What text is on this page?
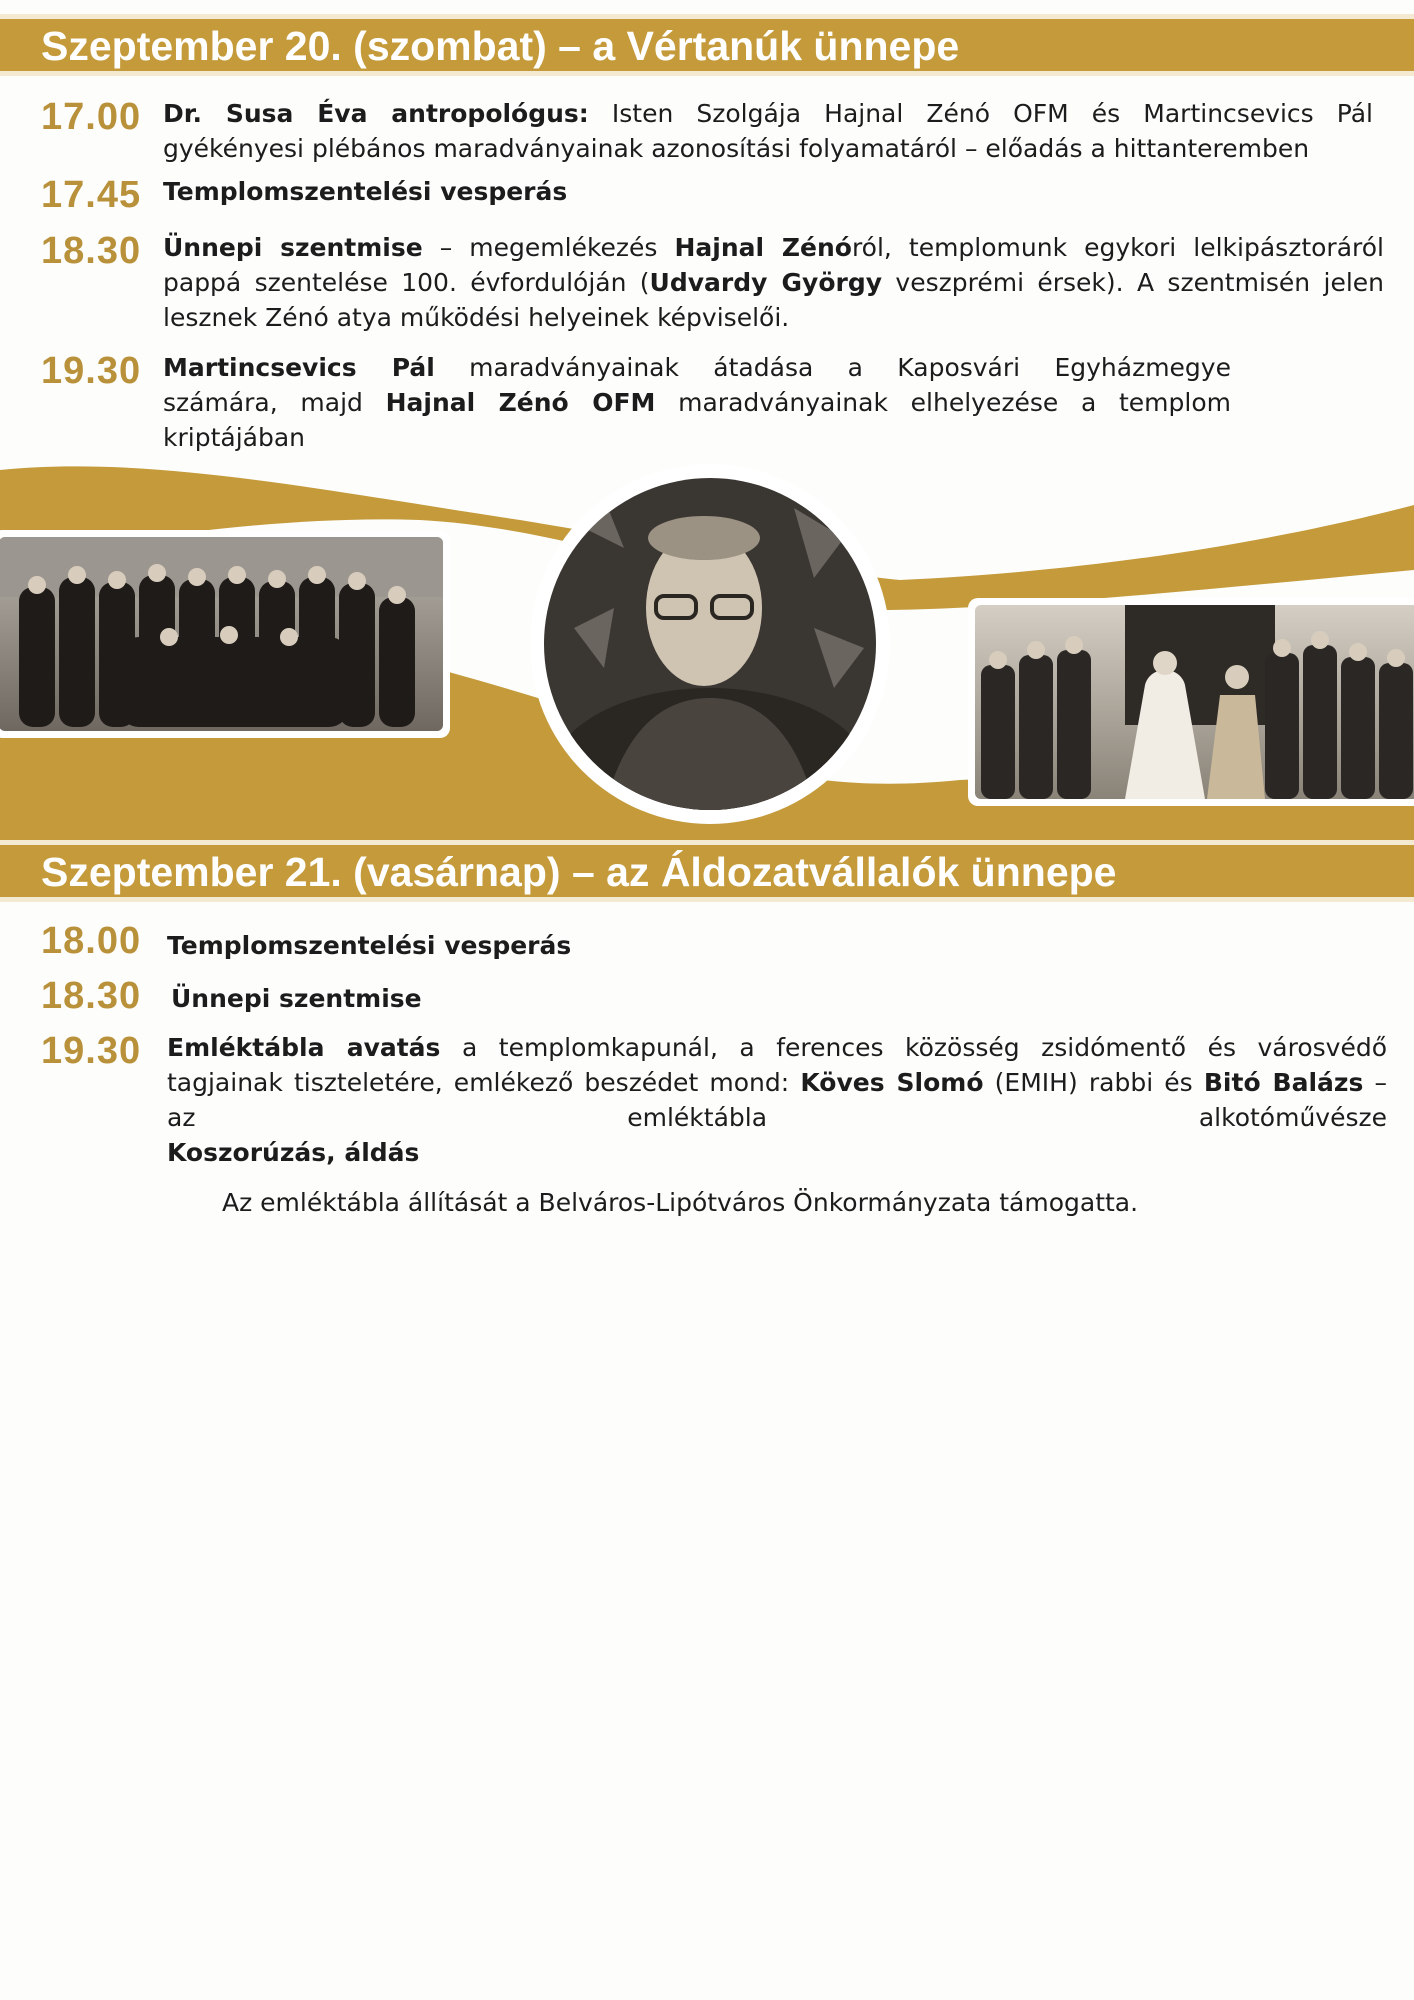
Szeptember 20. (szombat) – a Vértanúk ünnepe
17.00 Dr. Susa Éva antropológus: Isten Szolgája Hajnal Zénó OFM és Martincsevics Pál
gyékényesi plébános maradványainak azonosítási folyamatáról – előadás a hittanteremben
17.45 Templomszentelési vesperás
18.30 Ünnepi szentmise – megemlékezés Hajnal Zénóról, templomunk egykori lelkipásztoráról
pappá szentelése 100. évfordulóján (Udvardy György veszprémi érsek). A szentmisén jelen
lesznek Zénó atya működési helyeinek képviselői.
19.30 Martincsevics Pál maradványainak átadása a Kaposvári Egyházmegye
számára, majd Hajnal Zénó OFM maradványainak elhelyezése a templom
kriptájában
Szeptember 21. (vasárnap) – az Áldozatvállalók ünnepe
18.00 Templomszentelési vesperás
18.30 Ünnepi szentmise
19.30 Emléktábla avatás a templomkapunál, a ferences közösség zsidómentő és városvédő
tagjainak tiszteletére, emlékező beszédet mond: Köves Slomó (EMIH) rabbi és Bitó Balázs –
az emléktábla alkotóművésze
Koszorúzás, áldás
Az emléktábla állítását a Belváros-Lipótváros Önkormányzata támogatta.
